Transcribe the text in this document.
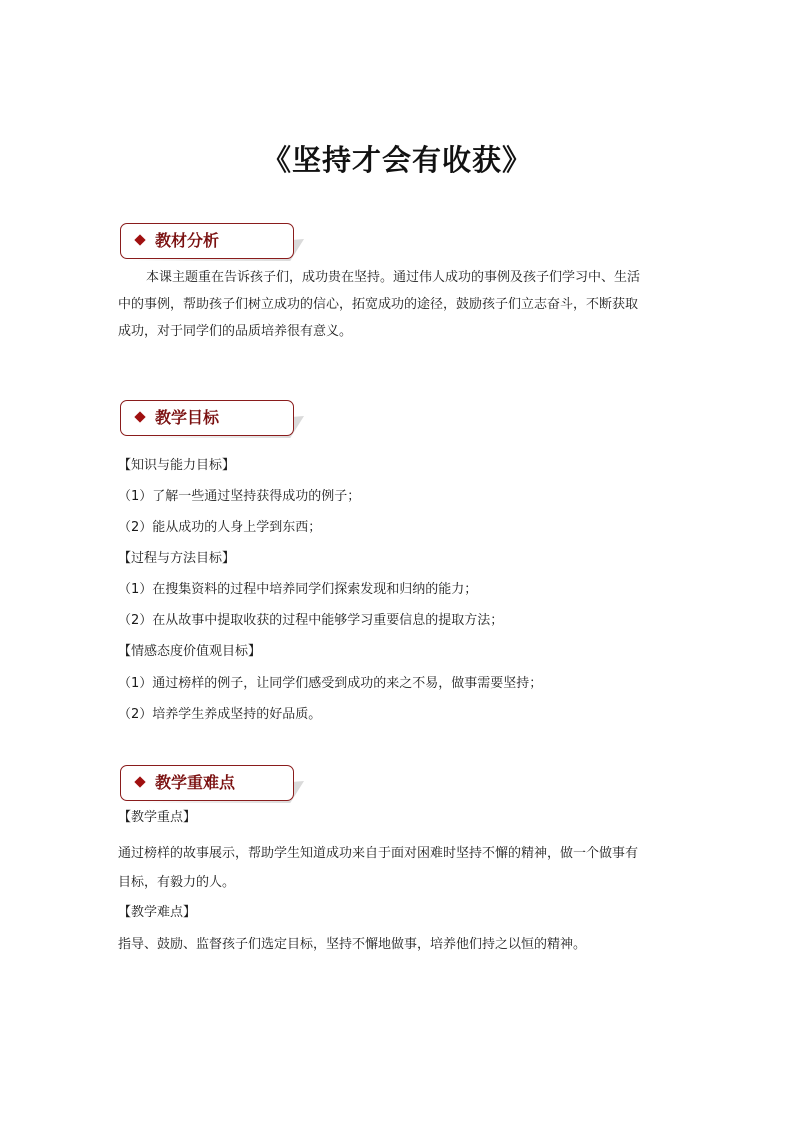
《坚持才会有收获》
教材分析
本课主题重在告诉孩子们，成功贵在坚持。通过伟人成功的事例及孩子们学习中、生活
中的事例，帮助孩子们树立成功的信心，拓宽成功的途径，鼓励孩子们立志奋斗，不断获取
成功，对于同学们的品质培养很有意义。
教学目标
【知识与能力目标】
（1）了解一些通过坚持获得成功的例子；
（2）能从成功的人身上学到东西；
【过程与方法目标】
（1）在搜集资料的过程中培养同学们探索发现和归纳的能力；
（2）在从故事中提取收获的过程中能够学习重要信息的提取方法；
【情感态度价值观目标】
（1）通过榜样的例子，让同学们感受到成功的来之不易，做事需要坚持；
（2）培养学生养成坚持的好品质。
教学重难点
【教学重点】
通过榜样的故事展示，帮助学生知道成功来自于面对困难时坚持不懈的精神，做一个做事有
目标，有毅力的人。
【教学难点】
指导、鼓励、监督孩子们选定目标，坚持不懈地做事，培养他们持之以恒的精神。
